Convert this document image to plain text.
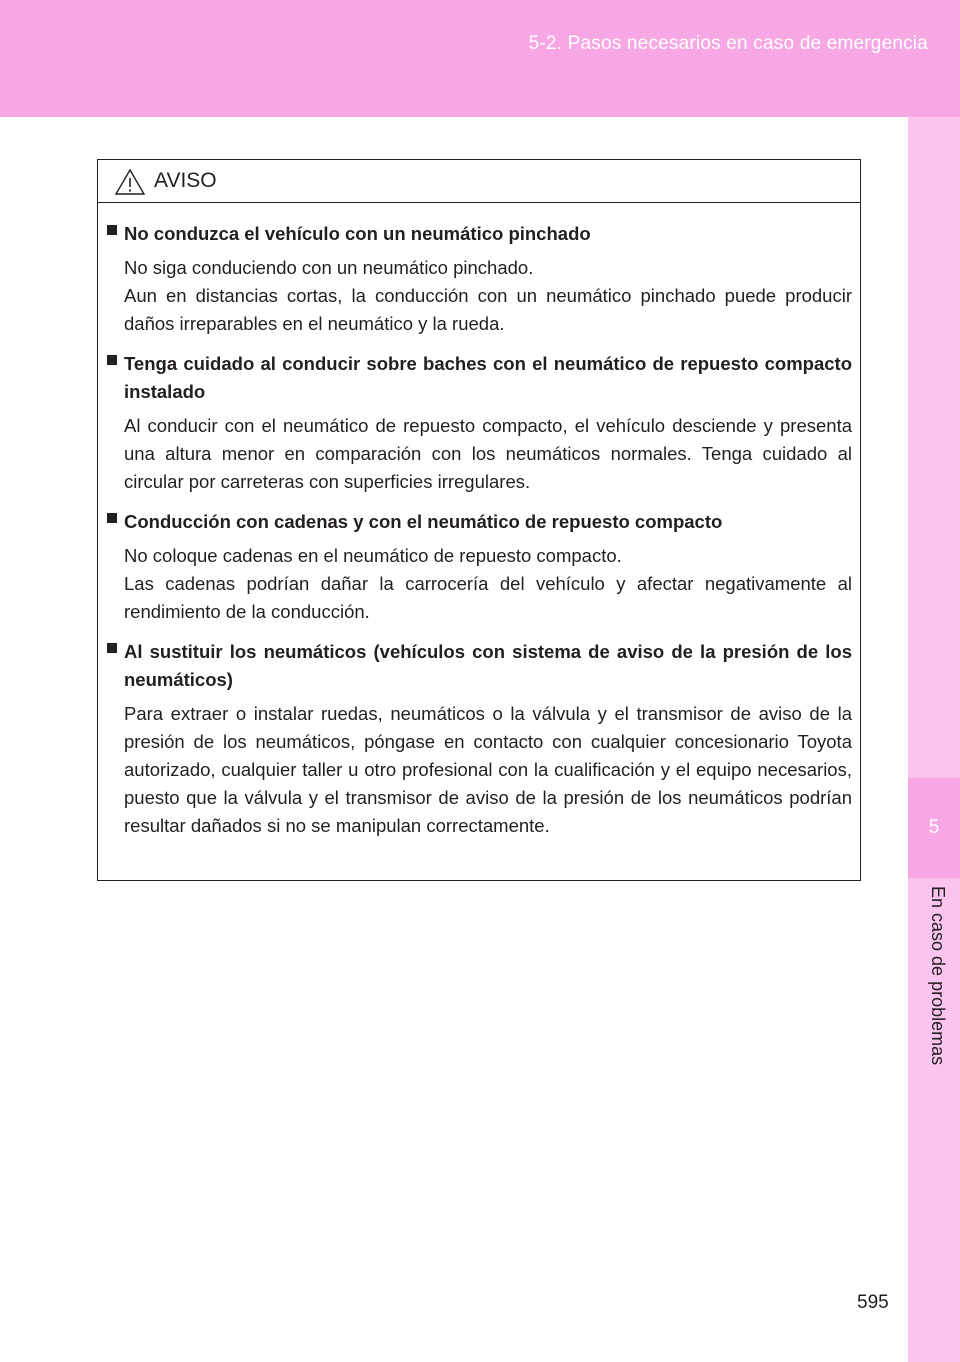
5-2. Pasos necesarios en caso de emergencia
5
En caso de problemas
AVISO
No conduzca el vehículo con un neumático pinchado
No siga conduciendo con un neumático pinchado.
Aun en distancias cortas, la conducción con un neumático pinchado puede producir daños irreparables en el neumático y la rueda.
Tenga cuidado al conducir sobre baches con el neumático de repuesto compacto instalado
Al conducir con el neumático de repuesto compacto, el vehículo desciende y presenta una altura menor en comparación con los neumáticos normales. Tenga cuidado al circular por carreteras con superficies irregulares.
Conducción con cadenas y con el neumático de repuesto compacto
No coloque cadenas en el neumático de repuesto compacto.
Las cadenas podrían dañar la carrocería del vehículo y afectar negativamente al rendimiento de la conducción.
Al sustituir los neumáticos (vehículos con sistema de aviso de la presión de los neumáticos)
Para extraer o instalar ruedas, neumáticos o la válvula y el transmisor de aviso de la presión de los neumáticos, póngase en contacto con cualquier concesionario Toyota autorizado, cualquier taller u otro profesional con la cualificación y el equipo necesarios, puesto que la válvula y el transmisor de aviso de la presión de los neumáticos podrían resultar dañados si no se manipulan correctamente.
595
